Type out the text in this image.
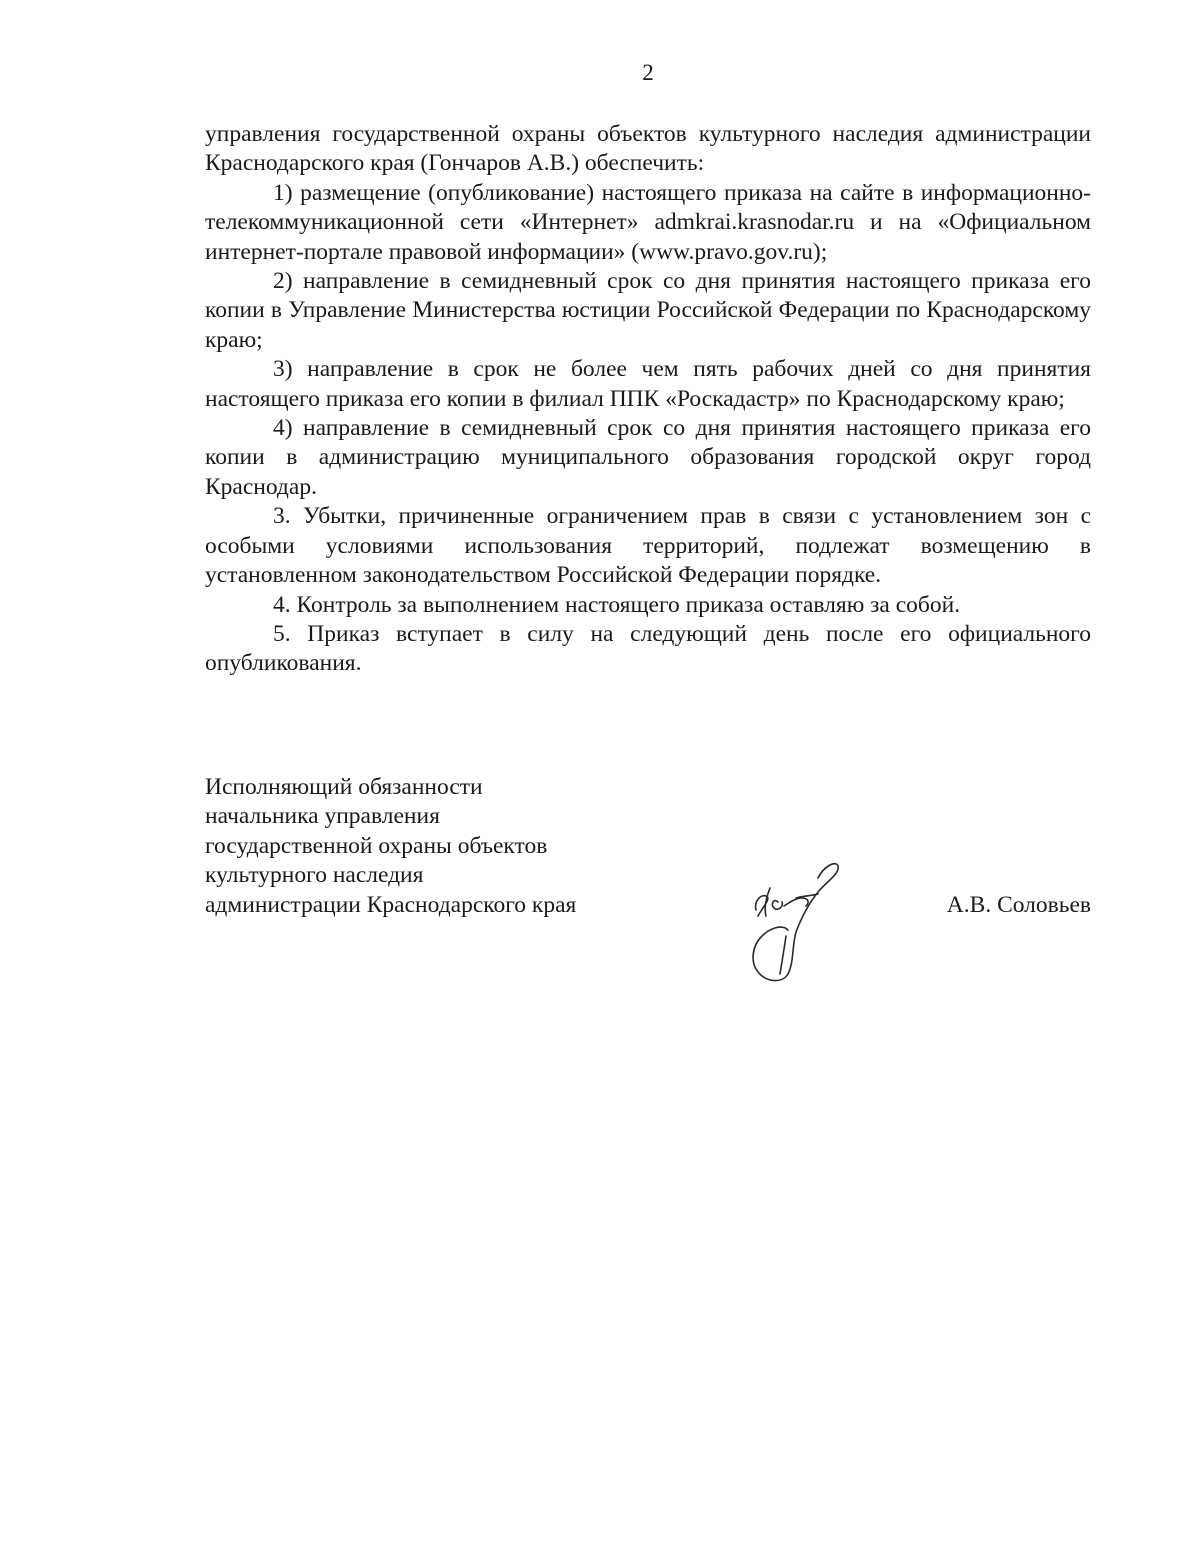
2

управления государственной охраны объектов культурного наследия администрации Краснодарского края (Гончаров А.В.) обеспечить:

1) размещение (опубликование) настоящего приказа на сайте в информационно-телекоммуникационной сети «Интернет» admkrai.krasnodar.ru и на «Официальном интернет-портале правовой информации» (www.pravo.gov.ru);

2) направление в семидневный срок со дня принятия настоящего приказа его копии в Управление Министерства юстиции Российской Федерации по Краснодарскому краю;

3) направление в срок не более чем пять рабочих дней со дня принятия настоящего приказа его копии в филиал ППК «Роскадастр» по Краснодарскому краю;

4) направление в семидневный срок со дня принятия настоящего приказа его копии в администрацию муниципального образования городской округ город Краснодар.

3. Убытки, причиненные ограничением прав в связи с установлением зон с особыми условиями использования территорий, подлежат возмещению в установленном законодательством Российской Федерации порядке.

4. Контроль за выполнением настоящего приказа оставляю за собой.

5. Приказ вступает в силу на следующий день после его официального опубликования.

Исполняющий обязанности
начальника управления
государственной охраны объектов
культурного наследия
администрации Краснодарского края	А.В. Соловьев
